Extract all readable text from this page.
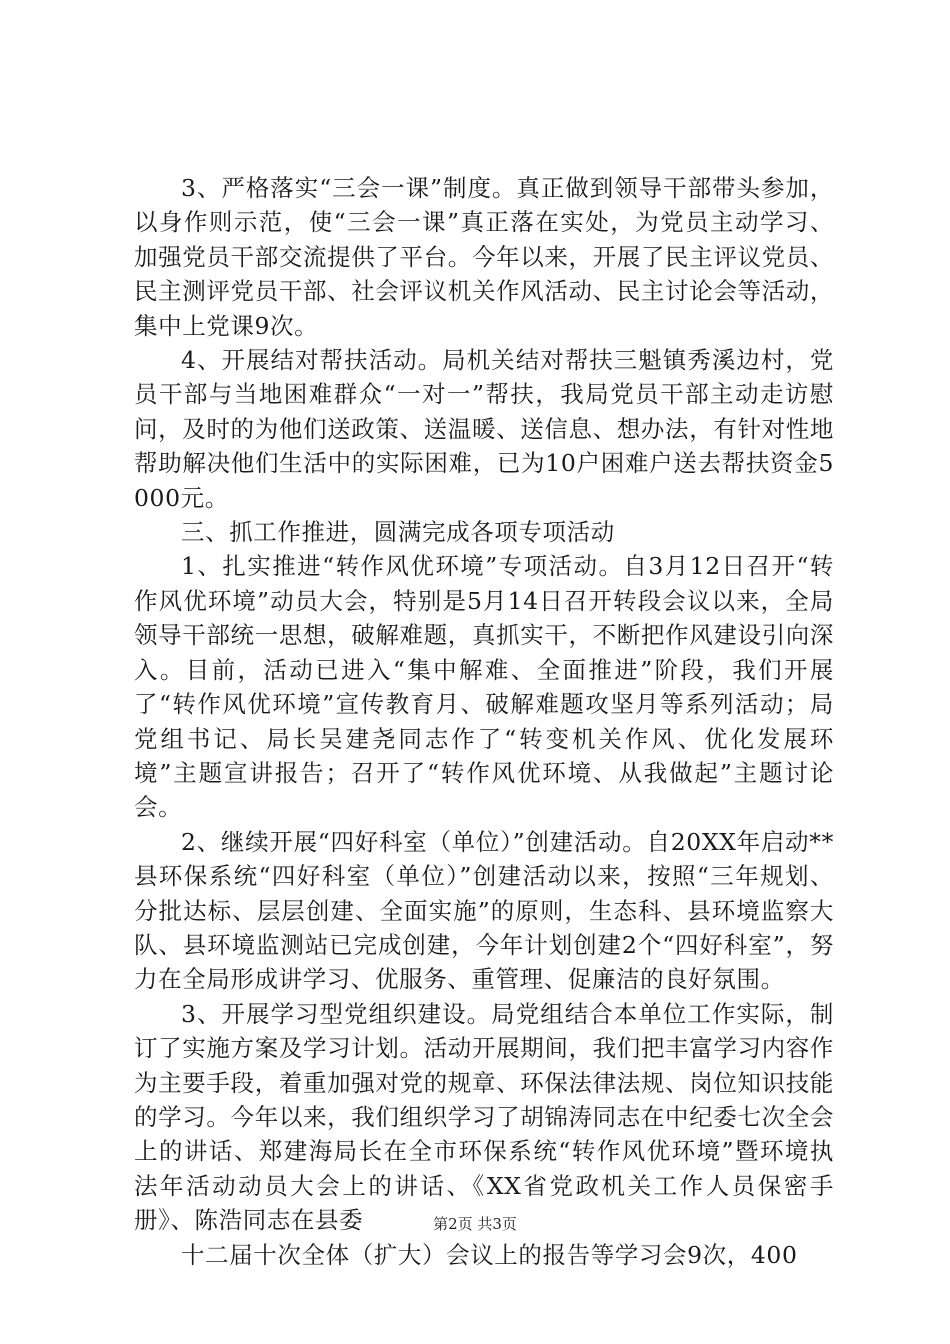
3、严格落实“三会一课”制度。真正做到领导干部带头参加，以身作则示范，使“三会一课”真正落在实处，为党员主动学习、加强党员干部交流提供了平台。今年以来，开展了民主评议党员、民主测评党员干部、社会评议机关作风活动、民主讨论会等活动，集中上党课9次。

4、开展结对帮扶活动。局机关结对帮扶三魁镇秀溪边村，党员干部与当地困难群众“一对一”帮扶，我局党员干部主动走访慰问，及时的为他们送政策、送温暖、送信息、想办法，有针对性地帮助解决他们生活中的实际困难，已为10户困难户送去帮扶资金5000元。

三、抓工作推进，圆满完成各项专项活动

1、扎实推进“转作风优环境”专项活动。自3月12日召开“转作风优环境”动员大会，特别是5月14日召开转段会议以来，全局领导干部统一思想，破解难题，真抓实干，不断把作风建设引向深入。目前，活动已进入“集中解难、全面推进”阶段，我们开展了“转作风优环境”宣传教育月、破解难题攻坚月等系列活动；局党组书记、局长吴建尧同志作了“转变机关作风、优化发展环境”主题宣讲报告；召开了“转作风优环境、从我做起”主题讨论会。

2、继续开展“四好科室（单位）”创建活动。自20XX年启动**县环保系统“四好科室（单位）”创建活动以来，按照“三年规划、分批达标、层层创建、全面实施”的原则，生态科、县环境监察大队、县环境监测站已完成创建，今年计划创建2个“四好科室”，努力在全局形成讲学习、优服务、重管理、促廉洁的良好氛围。

3、开展学习型党组织建设。局党组结合本单位工作实际，制订了实施方案及学习计划。活动开展期间，我们把丰富学习内容作为主要手段，着重加强对党的规章、环保法律法规、岗位知识技能的学习。今年以来，我们组织学习了胡锦涛同志在中纪委七次全会上的讲话、郑建海局长在全市环保系统“转作风优环境”暨环境执法年活动动员大会上的讲话、《XX省党政机关工作人员保密手册》、陈浩同志在县委

十二届十次全体（扩大）会议上的报告等学习会9次，400

第2页 共3页
